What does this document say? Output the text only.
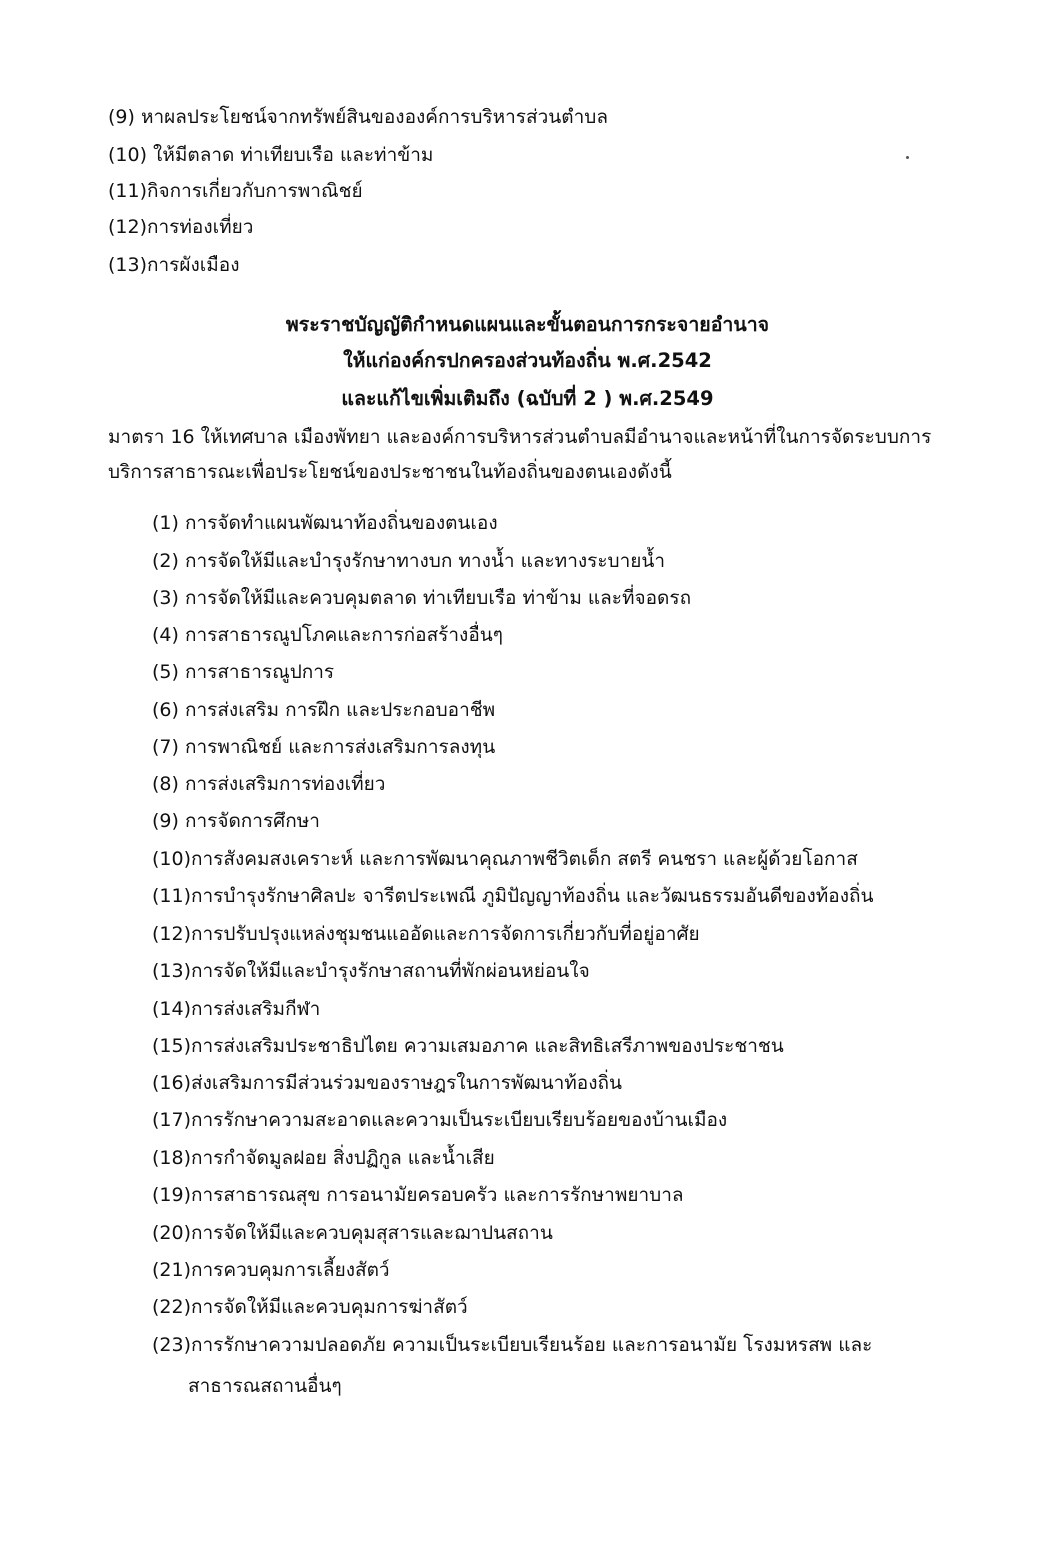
(9) หาผลประโยชน์จากทรัพย์สินขององค์การบริหารส่วนตำบล
(10) ให้มีตลาด ท่าเทียบเรือ และท่าข้าม
(11)กิจการเกี่ยวกับการพาณิชย์
(12)การท่องเที่ยว
(13)การผังเมือง
พระราชบัญญัติกำหนดแผนและขั้นตอนการกระจายอำนาจ
ให้แก่องค์กรปกครองส่วนท้องถิ่น พ.ศ.2542
และแก้ไขเพิ่มเติมถึง (ฉบับที่ 2 ) พ.ศ.2549
มาตรา 16 ให้เทศบาล เมืองพัทยา และองค์การบริหารส่วนตำบลมีอำนาจและหน้าที่ในการจัดระบบการ
บริการสาธารณะเพื่อประโยชน์ของประชาชนในท้องถิ่นของตนเองดังนี้
(1) การจัดทำแผนพัฒนาท้องถิ่นของตนเอง
(2) การจัดให้มีและบำรุงรักษาทางบก ทางน้ำ และทางระบายน้ำ
(3) การจัดให้มีและควบคุมตลาด ท่าเทียบเรือ ท่าข้าม และที่จอดรถ
(4) การสาธารณูปโภคและการก่อสร้างอื่นๆ
(5) การสาธารณูปการ
(6) การส่งเสริม การฝึก และประกอบอาชีพ
(7) การพาณิชย์ และการส่งเสริมการลงทุน
(8) การส่งเสริมการท่องเที่ยว
(9) การจัดการศึกษา
(10)การสังคมสงเคราะห์ และการพัฒนาคุณภาพชีวิตเด็ก สตรี คนชรา และผู้ด้วยโอกาส
(11)การบำรุงรักษาศิลปะ จารีตประเพณี ภูมิปัญญาท้องถิ่น และวัฒนธรรมอันดีของท้องถิ่น
(12)การปรับปรุงแหล่งชุมชนแออัดและการจัดการเกี่ยวกับที่อยู่อาศัย
(13)การจัดให้มีและบำรุงรักษาสถานที่พักผ่อนหย่อนใจ
(14)การส่งเสริมกีฬา
(15)การส่งเสริมประชาธิปไตย ความเสมอภาค และสิทธิเสรีภาพของประชาชน
(16)ส่งเสริมการมีส่วนร่วมของราษฎรในการพัฒนาท้องถิ่น
(17)การรักษาความสะอาดและความเป็นระเบียบเรียบร้อยของบ้านเมือง
(18)การกำจัดมูลฝอย สิ่งปฏิกูล และน้ำเสีย
(19)การสาธารณสุข การอนามัยครอบครัว และการรักษาพยาบาล
(20)การจัดให้มีและควบคุมสุสารและฌาปนสถาน
(21)การควบคุมการเลี้ยงสัตว์
(22)การจัดให้มีและควบคุมการฆ่าสัตว์
(23)การรักษาความปลอดภัย ความเป็นระเบียบเรียนร้อย และการอนามัย โรงมหรสพ และ
สาธารณสถานอื่นๆ
